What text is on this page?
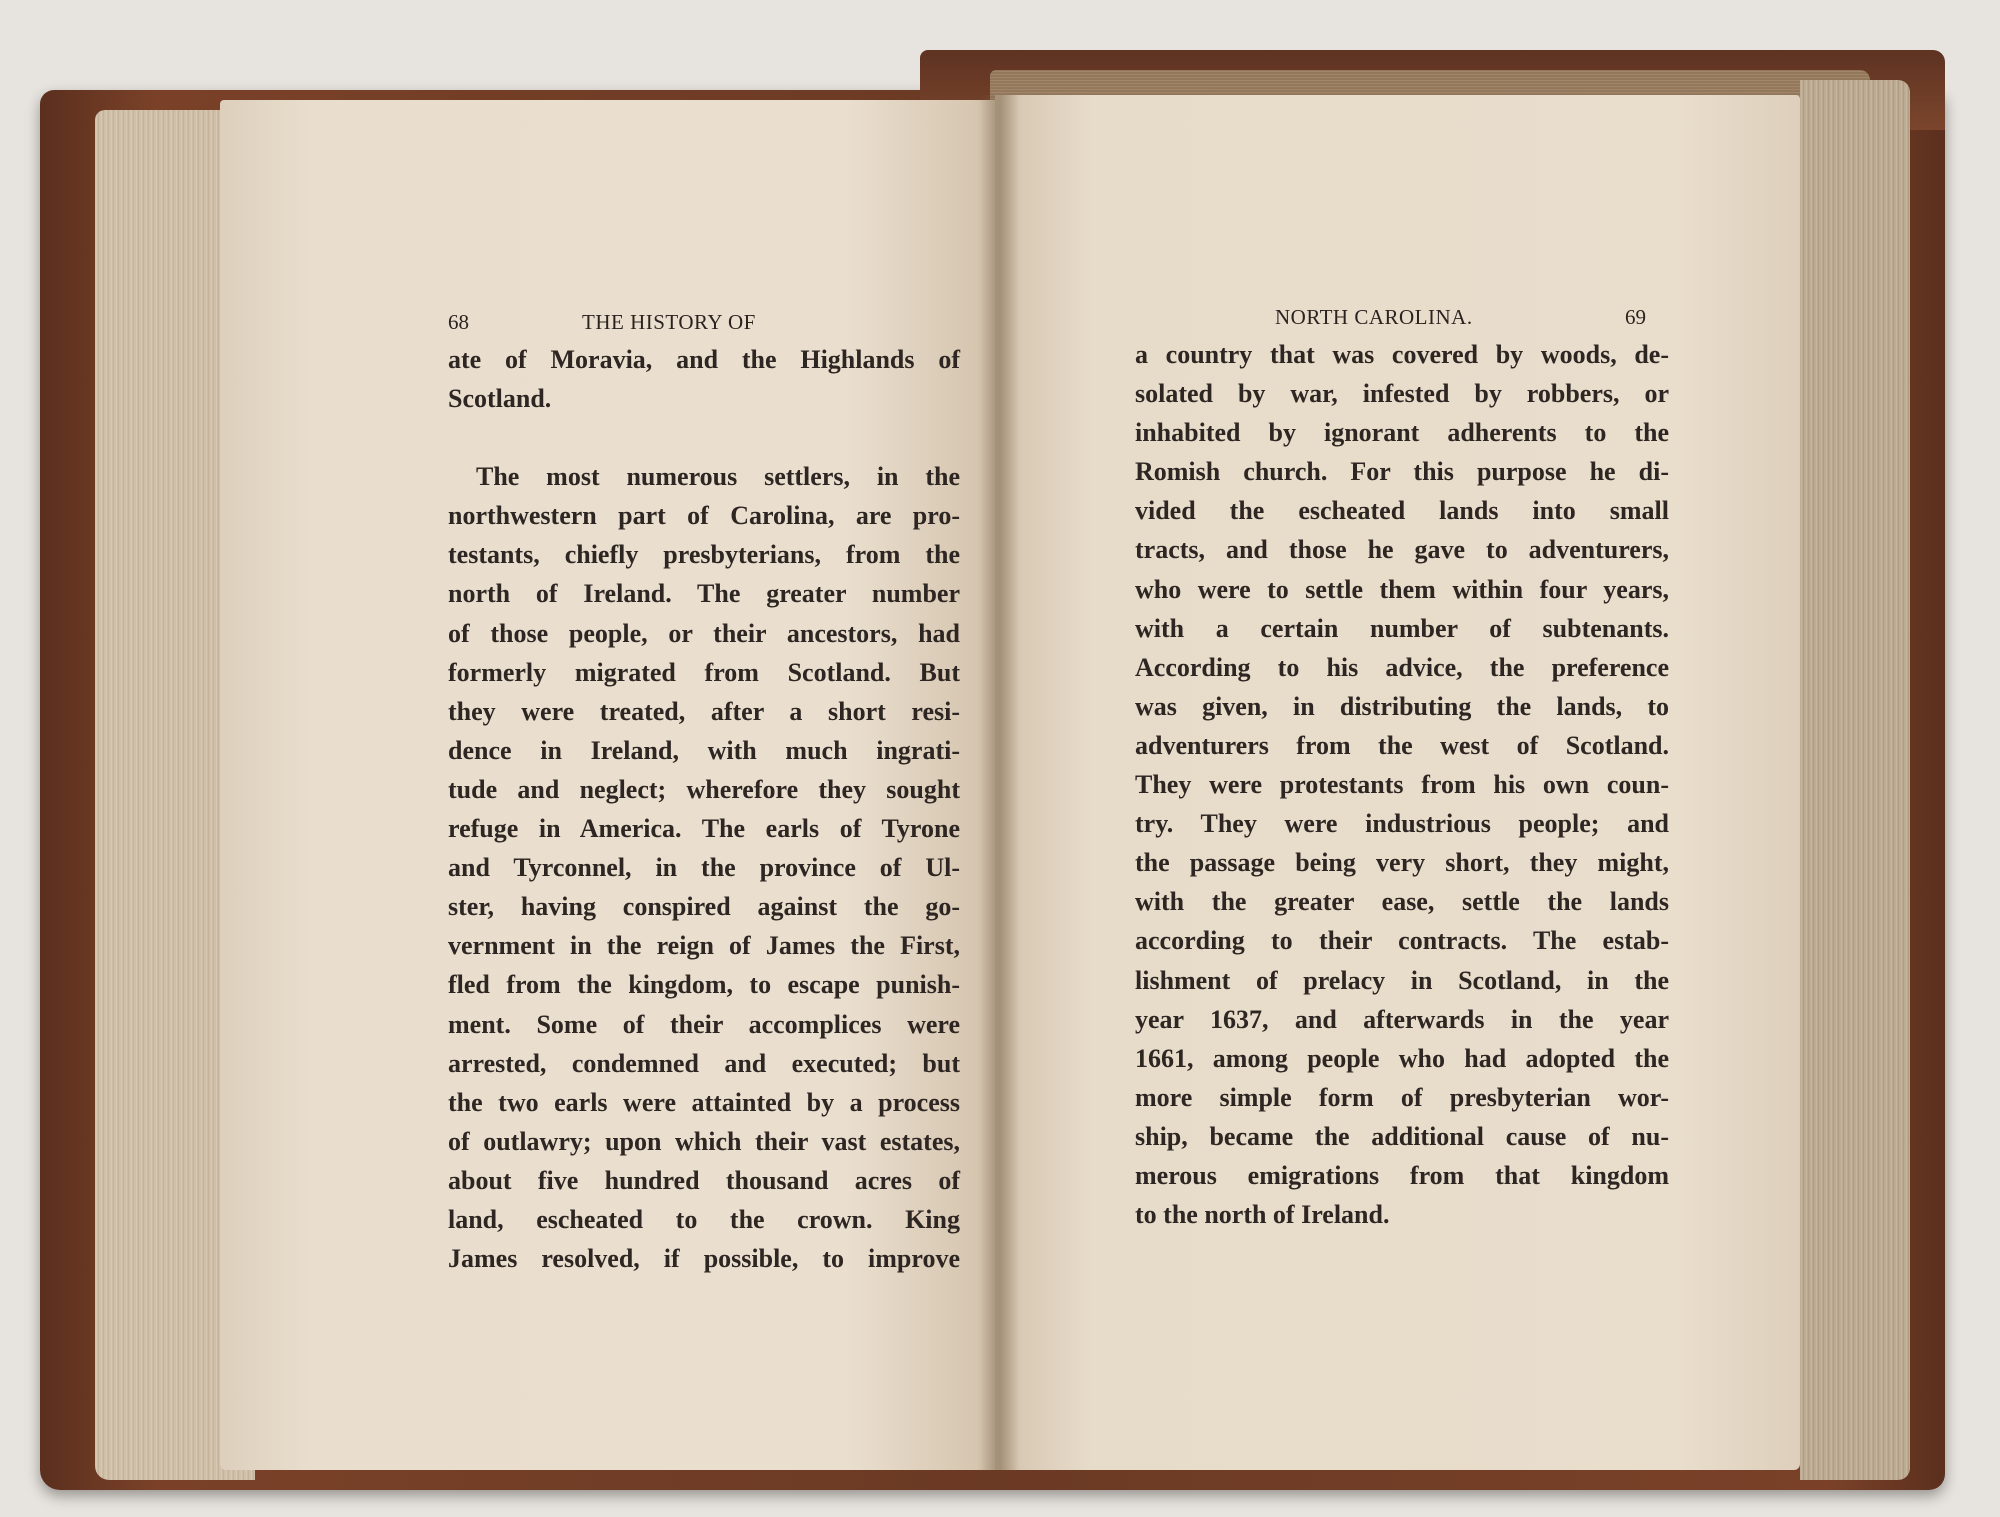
68	THE HISTORY OF
ate of Moravia, and the Highlands of
Scotland.
The most numerous settlers, in the
northwestern part of Carolina, are pro-
testants, chiefly presbyterians, from the
north of Ireland. The greater number
of those people, or their ancestors, had
formerly migrated from Scotland. But
they were treated, after a short resi-
dence in Ireland, with much ingrati-
tude and neglect; wherefore they sought
refuge in America. The earls of Tyrone
and Tyrconnel, in the province of Ul-
ster, having conspired against the go-
vernment in the reign of James the First,
fled from the kingdom, to escape punish-
ment. Some of their accomplices were
arrested, condemned and executed; but
the two earls were attainted by a process
of outlawry; upon which their vast estates,
about five hundred thousand acres of
land, escheated to the crown. King
James resolved, if possible, to improve
NORTH CAROLINA.	69
a country that was covered by woods, de-
solated by war, infested by robbers, or
inhabited by ignorant adherents to the
Romish church. For this purpose he di-
vided the escheated lands into small
tracts, and those he gave to adventurers,
who were to settle them within four years,
with a certain number of subtenants.
According to his advice, the preference
was given, in distributing the lands, to
adventurers from the west of Scotland.
They were protestants from his own coun-
try. They were industrious people; and
the passage being very short, they might,
with the greater ease, settle the lands
according to their contracts. The estab-
lishment of prelacy in Scotland, in the
year 1637, and afterwards in the year
1661, among people who had adopted the
more simple form of presbyterian wor-
ship, became the additional cause of nu-
merous emigrations from that kingdom
to the north of Ireland.
